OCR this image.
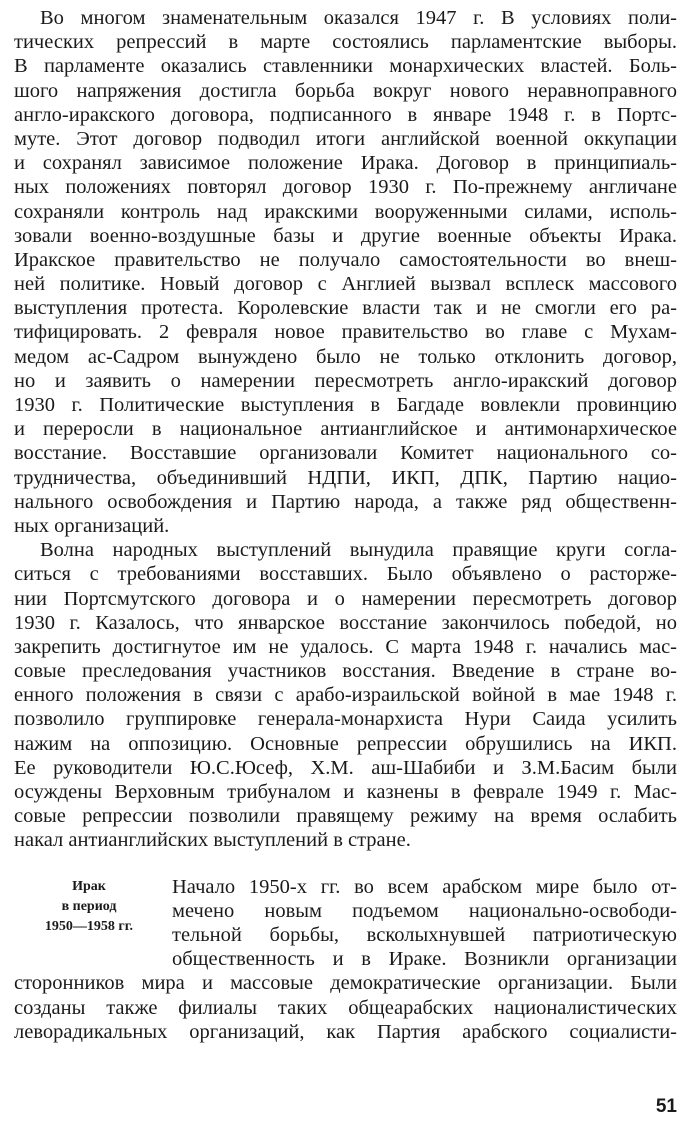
Во многом знаменательным оказался 1947 г. В условиях поли-
тических репрессий в марте состоялись парламентские выборы.
В парламенте оказались ставленники монархических властей. Боль-
шого напряжения достигла борьба вокруг нового неравноправного
англо-иракского договора, подписанного в январе 1948 г. в Портс-
муте. Этот договор подводил итоги английской военной оккупации
и сохранял зависимое положение Ирака. Договор в принципиаль-
ных положениях повторял договор 1930 г. По-прежнему англичане
сохраняли контроль над иракскими вооруженными силами, исполь-
зовали военно-воздушные базы и другие военные объекты Ирака.
Иракское правительство не получало самостоятельности во внеш-
ней политике. Новый договор с Англией вызвал всплеск массового
выступления протеста. Королевские власти так и не смогли его ра-
тифицировать. 2 февраля новое правительство во главе с Мухам-
медом ас-Садром вынуждено было не только отклонить договор,
но и заявить о намерении пересмотреть англо-иракский договор
1930 г. Политические выступления в Багдаде вовлекли провинцию
и переросли в национальное антианглийское и антимонархическое
восстание. Восставшие организовали Комитет национального со-
трудничества, объединивший НДПИ, ИКП, ДПК, Партию нацио-
нального освобождения и Партию народа, а также ряд общественн-
ных организаций.
Волна народных выступлений вынудила правящие круги согла-
ситься с требованиями восставших. Было объявлено о расторже-
нии Портсмутского договора и о намерении пересмотреть договор
1930 г. Казалось, что январское восстание закончилось победой, но
закрепить достигнутое им не удалось. С марта 1948 г. начались мас-
совые преследования участников восстания. Введение в стране во-
енного положения в связи с арабо-израильской войной в мае 1948 г.
позволило группировке генерала-монархиста Нури Саида усилить
нажим на оппозицию. Основные репрессии обрушились на ИКП.
Ее руководители Ю.С.Юсеф, Х.М. аш-Шабиби и З.М.Басим были
осуждены Верховным трибуналом и казнены в феврале 1949 г. Мас-
совые репрессии позволили правящему режиму на время ослабить
накал антианглийских выступлений в стране.
Ирак
в период
1950—1958 гг.
Начало 1950-х гг. во всем арабском мире было от-
мечено новым подъемом национально-освободи-
тельной борьбы, всколыхнувшей патриотическую
общественность и в Ираке. Возникли организации
сторонников мира и массовые демократические организации. Были
созданы также филиалы таких общеарабских националистических
леворадикальных организаций, как Партия арабского социалисти-
51
